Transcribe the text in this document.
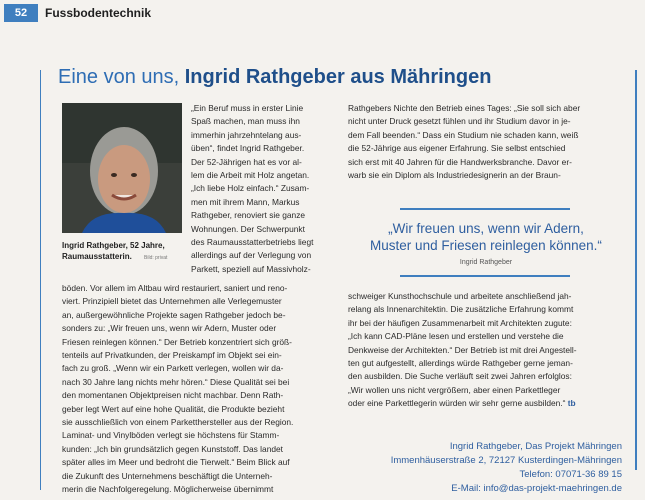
52	Fussbodentechnik
Eine von uns, Ingrid Rathgeber aus Mähringen
Ingrid Rathgeber, 52 Jahre,
Raumausstatterin. Bild: privat
„Ein Beruf muss in erster Linie
Spaß machen, man muss ihn
immerhin jahrzehntelang aus-
üben“, findet Ingrid Rathgeber.
Der 52-Jährigen hat es vor al-
lem die Arbeit mit Holz angetan.
„Ich liebe Holz einfach.“ Zusam-
men mit ihrem Mann, Markus
Rathgeber, renoviert sie ganze
Wohnungen. Der Schwerpunkt
des Raumausstatterbetriebs liegt
allerdings auf der Verlegung von
Parkett, speziell auf Massivholz-
böden. Vor allem im Altbau wird restauriert, saniert und reno-
viert. Prinzipiell bietet das Unternehmen alle Verlegemuster
an, außergewöhnliche Projekte sagen Rathgeber jedoch be-
sonders zu: „Wir freuen uns, wenn wir Adern, Muster oder
Friesen reinlegen können.“ Der Betrieb konzentriert sich größ-
tenteils auf Privatkunden, der Preiskampf im Objekt sei ein-
fach zu groß. „Wenn wir ein Parkett verlegen, wollen wir da-
nach 30 Jahre lang nichts mehr hören.“ Diese Qualität sei bei
den momentanen Objektpreisen nicht machbar. Denn Rath-
geber legt Wert auf eine hohe Qualität, die Produkte bezieht
sie ausschließlich von einem Parketthersteller aus der Region.
Laminat- und Vinylböden verlegt sie höchstens für Stamm-
kunden: „Ich bin grundsätzlich gegen Kunststoff. Das landet
später alles im Meer und bedroht die Tierwelt.“ Beim Blick auf
die Zukunft des Unternehmens beschäftigt die Unterneh-
merin die Nachfolgeregelung. Möglicherweise übernimmt
Rathgebers Nichte den Betrieb eines Tages: „Sie soll sich aber
nicht unter Druck gesetzt fühlen und ihr Studium davor in je-
dem Fall beenden.“ Dass ein Studium nie schaden kann, weiß
die 52-Jährige aus eigener Erfahrung. Sie selbst entschied
sich erst mit 40 Jahren für die Handwerksbranche. Davor er-
warb sie ein Diplom als Industriedesignerin an der Braun-
„Wir freuen uns, wenn wir Adern,
Muster und Friesen reinlegen können.“
Ingrid Rathgeber
schweiger Kunsthochschule und arbeitete anschließend jah-
relang als Innenarchitektin. Die zusätzliche Erfahrung kommt
ihr bei der häufigen Zusammenarbeit mit Architekten zugute:
„Ich kann CAD-Pläne lesen und erstellen und verstehe die
Denkweise der Architekten.“ Der Betrieb ist mit drei Angestell-
ten gut aufgestellt, allerdings würde Rathgeber gerne jeman-
den ausbilden. Die Suche verläuft seit zwei Jahren erfolglos:
„Wir wollen uns nicht vergrößern, aber einen Parkettleger
oder eine Parkettlegerin würden wir sehr gerne ausbilden.“ tb
Ingrid Rathgeber, Das Projekt Mähringen
Immenhäuserstraße 2, 72127 Kusterdingen-Mähringen
Telefon: 07071-36 89 15
E-Mail: info@das-projekt-maehringen.de
